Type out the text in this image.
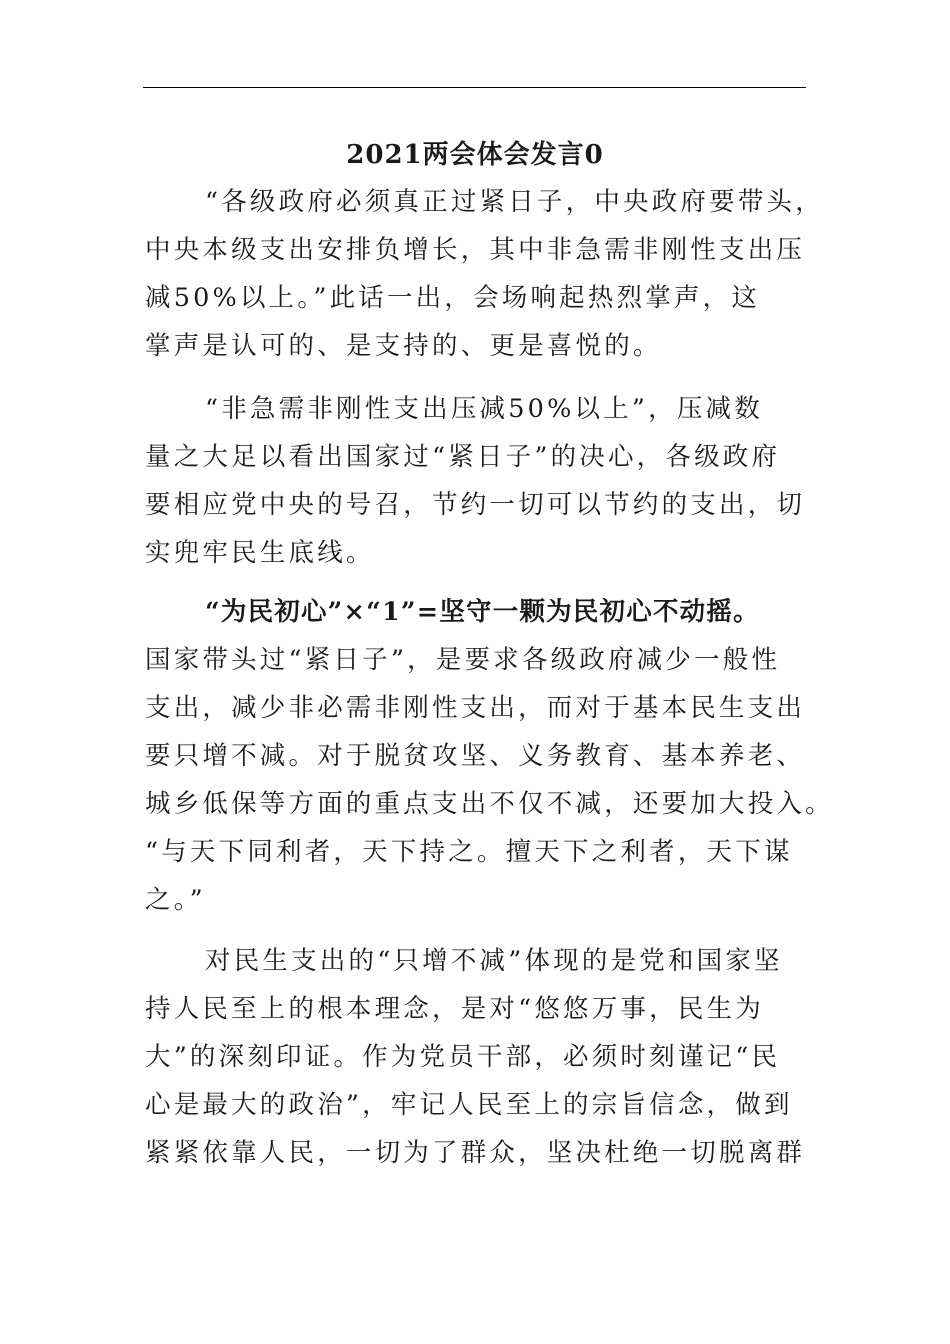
2021两会体会发言0
“各级政府必须真正过紧日子，中央政府要带头，
中央本级支出安排负增长，其中非急需非刚性支出压
减50%以上。”此话一出，会场响起热烈掌声，这
掌声是认可的、是支持的、更是喜悦的。
“非急需非刚性支出压减50%以上”，压减数
量之大足以看出国家过“紧日子”的决心，各级政府
要相应党中央的号召，节约一切可以节约的支出，切
实兜牢民生底线。
“为民初心”×“1”=坚守一颗为民初心不动摇。
国家带头过“紧日子”，是要求各级政府减少一般性
支出，减少非必需非刚性支出，而对于基本民生支出
要只增不减。对于脱贫攻坚、义务教育、基本养老、
城乡低保等方面的重点支出不仅不减，还要加大投入。
“与天下同利者，天下持之。擅天下之利者，天下谋
之。”
对民生支出的“只增不减”体现的是党和国家坚
持人民至上的根本理念，是对“悠悠万事，民生为
大”的深刻印证。作为党员干部，必须时刻谨记“民
心是最大的政治”，牢记人民至上的宗旨信念，做到
紧紧依靠人民，一切为了群众，坚决杜绝一切脱离群
